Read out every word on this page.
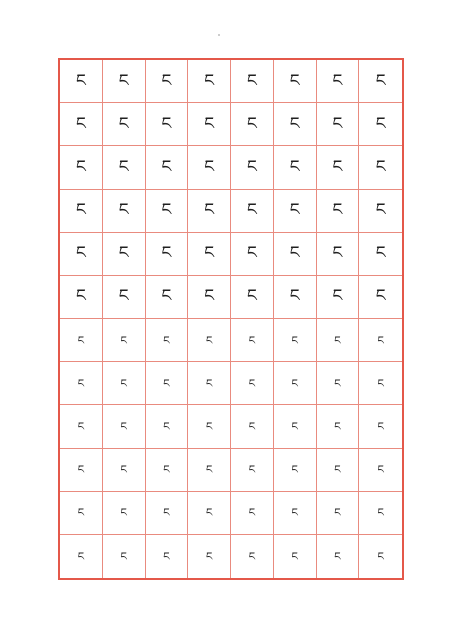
ང	ང	ང	ང	ང	ང	ང	ང
ང	ང	ང	ང	ང	ང	ང	ང
ང	ང	ང	ང	ང	ང	ང	ང
ང	ང	ང	ང	ང	ང	ང	ང
ང	ང	ང	ང	ང	ང	ང	ང
ང	ང	ང	ང	ང	ང	ང	ང
ང	ང	ང	ང	ང	ང	ང	ང
ང	ང	ང	ང	ང	ང	ང	ང
ང	ང	ང	ང	ང	ང	ང	ང
ང	ང	ང	ང	ང	ང	ང	ང
ང	ང	ང	ང	ང	ང	ང	ང
ང	ང	ང	ང	ང	ང	ང	ང
